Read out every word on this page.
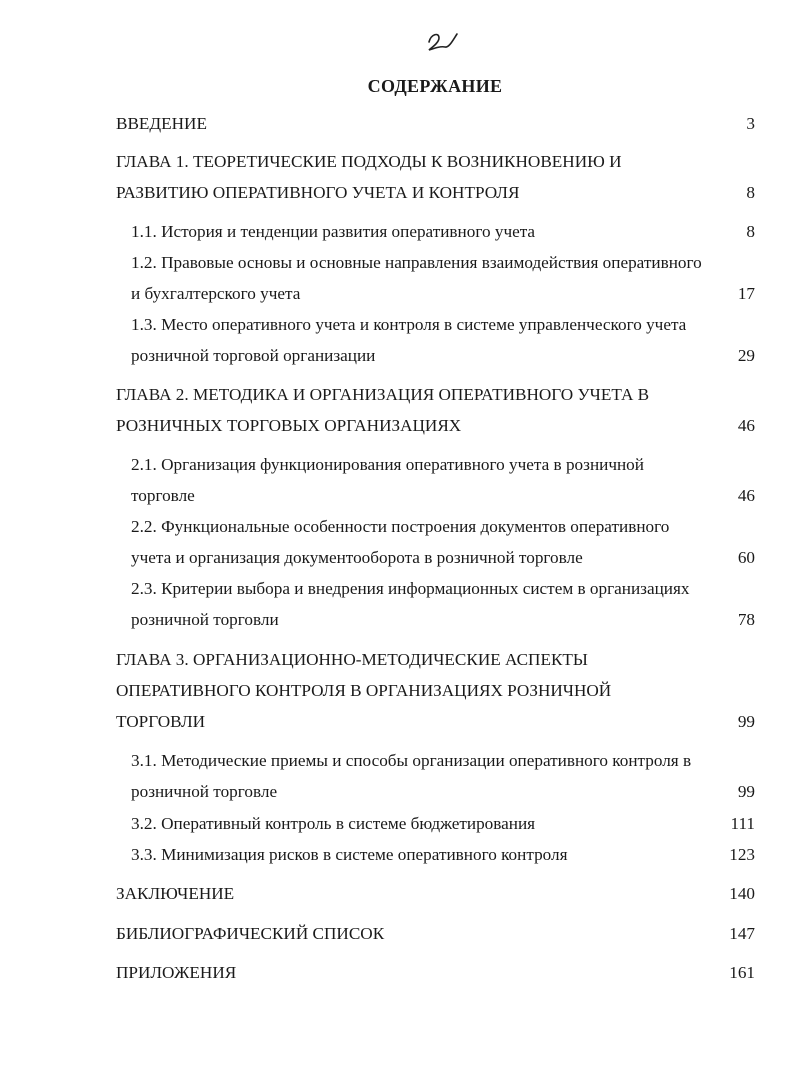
СОДЕРЖАНИЕ
ВВЕДЕНИЕ	3
ГЛАВА 1. ТЕОРЕТИЧЕСКИЕ ПОДХОДЫ К ВОЗНИКНОВЕНИЮ И
РАЗВИТИЮ ОПЕРАТИВНОГО УЧЕТА И КОНТРОЛЯ	8
1.1. История и тенденции развития оперативного учета	8
1.2. Правовые основы и основные направления взаимодействия оперативного
и бухгалтерского учета	17
1.3. Место оперативного учета и контроля в системе управленческого учета
розничной торговой организации	29
ГЛАВА 2. МЕТОДИКА И ОРГАНИЗАЦИЯ ОПЕРАТИВНОГО УЧЕТА В
РОЗНИЧНЫХ ТОРГОВЫХ ОРГАНИЗАЦИЯХ	46
2.1. Организация функционирования оперативного учета в розничной
торговле	46
2.2. Функциональные особенности построения документов оперативного
учета и организация документооборота в розничной торговле	60
2.3. Критерии выбора и внедрения информационных систем в организациях
розничной торговли	78
ГЛАВА 3. ОРГАНИЗАЦИОННО-МЕТОДИЧЕСКИЕ АСПЕКТЫ
ОПЕРАТИВНОГО КОНТРОЛЯ В ОРГАНИЗАЦИЯХ РОЗНИЧНОЙ
ТОРГОВЛИ	99
3.1. Методические приемы и способы организации оперативного контроля в
розничной торговле	99
3.2. Оперативный контроль в системе бюджетирования	111
3.3. Минимизация рисков в системе оперативного контроля	123
ЗАКЛЮЧЕНИЕ	140
БИБЛИОГРАФИЧЕСКИЙ СПИСОК	147
ПРИЛОЖЕНИЯ	161
